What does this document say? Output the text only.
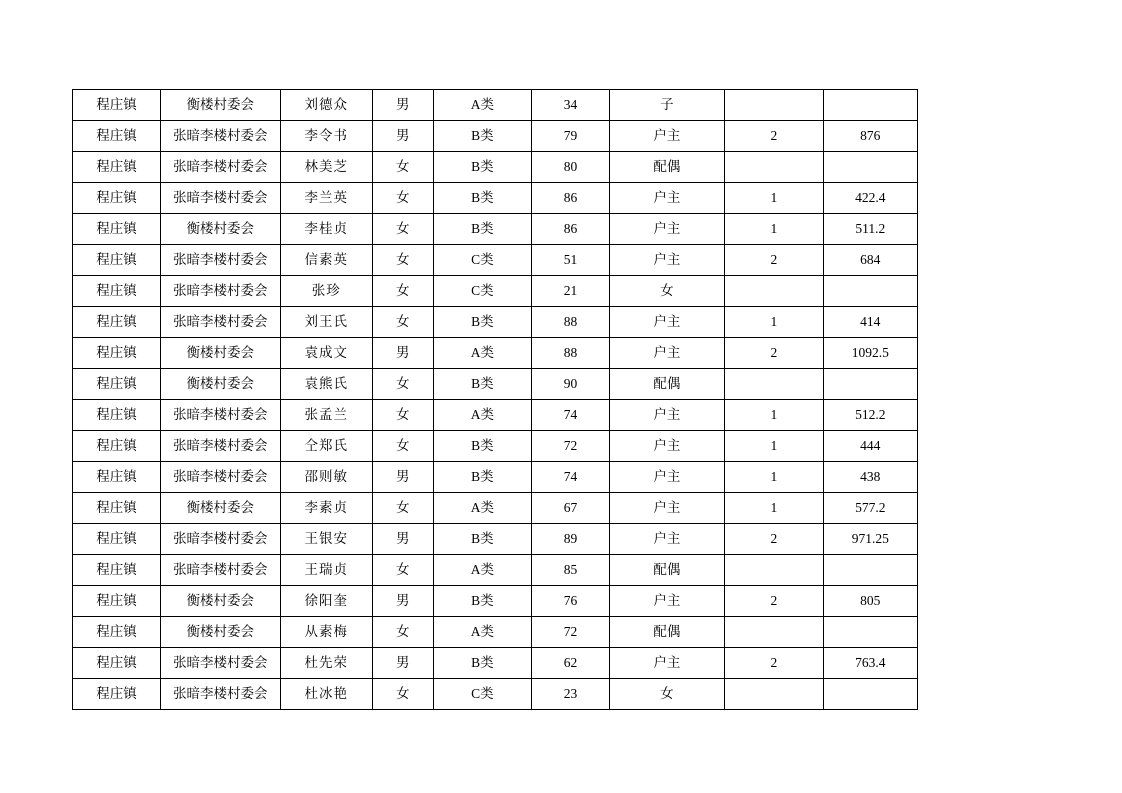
程庄镇	衡楼村委会	刘德众	男	A类	34	子		
程庄镇	张暗李楼村委会	李令书	男	B类	79	户主	2	876
程庄镇	张暗李楼村委会	林美芝	女	B类	80	配偶		
程庄镇	张暗李楼村委会	李兰英	女	B类	86	户主	1	422.4
程庄镇	衡楼村委会	李桂贞	女	B类	86	户主	1	511.2
程庄镇	张暗李楼村委会	信素英	女	C类	51	户主	2	684
程庄镇	张暗李楼村委会	张珍	女	C类	21	女		
程庄镇	张暗李楼村委会	刘王氏	女	B类	88	户主	1	414
程庄镇	衡楼村委会	袁成文	男	A类	88	户主	2	1092.5
程庄镇	衡楼村委会	袁熊氏	女	B类	90	配偶		
程庄镇	张暗李楼村委会	张孟兰	女	A类	74	户主	1	512.2
程庄镇	张暗李楼村委会	仝郑氏	女	B类	72	户主	1	444
程庄镇	张暗李楼村委会	邵则敏	男	B类	74	户主	1	438
程庄镇	衡楼村委会	李素贞	女	A类	67	户主	1	577.2
程庄镇	张暗李楼村委会	王银安	男	B类	89	户主	2	971.25
程庄镇	张暗李楼村委会	王瑞贞	女	A类	85	配偶		
程庄镇	衡楼村委会	徐阳奎	男	B类	76	户主	2	805
程庄镇	衡楼村委会	从素梅	女	A类	72	配偶		
程庄镇	张暗李楼村委会	杜先荣	男	B类	62	户主	2	763.4
程庄镇	张暗李楼村委会	杜冰艳	女	C类	23	女		
